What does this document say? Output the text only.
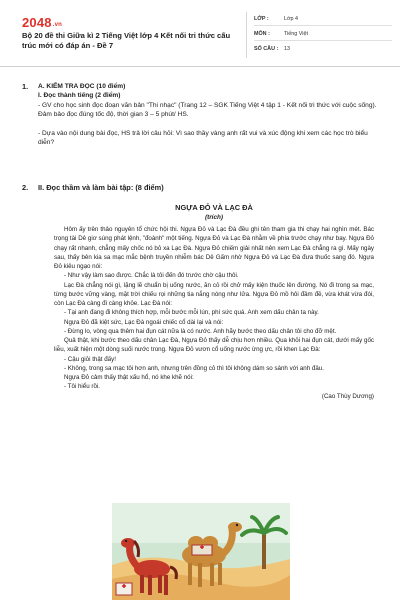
2048.vn
Bộ 20 đề thi Giữa kì 2 Tiếng Việt lớp 4 Kết nối tri thức cấu trúc mới có đáp án - Đề 7
LỚP :	Lớp 4
MÔN :	Tiếng Việt
SỐ CÂU : 13
1. A. KIỂM TRA ĐỌC (10 điểm)
I. Đọc thành tiếng (2 điểm)

- GV cho học sinh đọc đoạn văn bản "Thi nhạc" (Trang 12 – SGK Tiếng Việt 4 tập 1 - Kết nối tri thức với cuộc sống). Đảm bảo đọc đúng tốc độ, thời gian 3 – 5 phút/ HS.

- Dựa vào nội dung bài đọc, HS trả lời câu hỏi: Vì sao thầy vàng anh rất vui và xúc động khi xem các học trò biểu diễn?

2. II. Đọc thầm và làm bài tập: (8 điểm)
NGỰA ĐỎ VÀ LẠC ĐÀ
(trích)

Hôm ấy trên thảo nguyên tổ chức hội thi. Ngựa Đỏ và Lạc Đà đều ghi tên tham gia thi chạy hai nghìn mét. Bác trọng tài Dê giơ súng phát lệnh, "đoành" một tiếng. Ngựa Đỏ và Lạc Đà nhằm về phía trước chạy như bay. Ngựa Đỏ chạy rất nhanh, chẳng mấy chốc nó bỏ xa Lạc Đà. Ngựa Đỏ chiếm giải nhất nên xem Lạc Đà chẳng ra gì. Mấy ngày sau, thấy bên kia sa mạc mắc bệnh truyền nhiễm bác Dê Gấm nhờ Ngựa Đỏ và Lạc Đà đưa thuốc sang đó. Ngựa Đỏ kiêu ngạo nói:

- Như vậy làm sao được. Chắc là tôi đến đó trước chờ cậu thôi.

Lạc Đà chẳng nói gì, lặng lẽ chuẩn bị uống nước, ăn cỏ rồi chở mấy kiện thuốc lên đường. Nó đi trong sa mạc, từng bước vững vàng, mặt trời chiếu rọi những tia nắng nóng như lửa. Ngựa Đỏ mồ hôi đầm đề, vừa khát vừa đói, còn Lạc Đà càng đi càng khỏe. Lạc Đà nói:

- Tại anh đang đi không thích hợp, mỗi bước mỗi lún, phí sức quá. Anh xem dấu chân ta này.

Ngựa Đỏ đã kiệt sức, Lạc Đà ngoái chiếc cổ dài lại và nói:

- Đừng lo, vòng qua thêm hai đụn cát nữa là có nước. Anh hãy bước theo dấu chân tôi cho đỡ mệt.

Quả thật, khi bước theo dấu chân Lạc Đà, Ngựa Đỏ thấy dễ chịu hơn nhiều. Qua khỏi hai đụn cát, dưới mấy gốc liễu, xuất hiện một dòng suối nước trong. Ngựa Đỏ vươn cổ uống nước ừng ực, rồi khen Lạc Đà:

- Cậu giỏi thật đấy!

- Không, trong sa mạc tôi hơn anh, nhưng trên đồng cỏ thì tôi không dám so sánh với anh đâu.

Ngựa Đỏ cảm thấy thật xấu hổ, nó khe khẽ nói:

- Tôi hiểu rồi.

(Cao Thùy Dương)
